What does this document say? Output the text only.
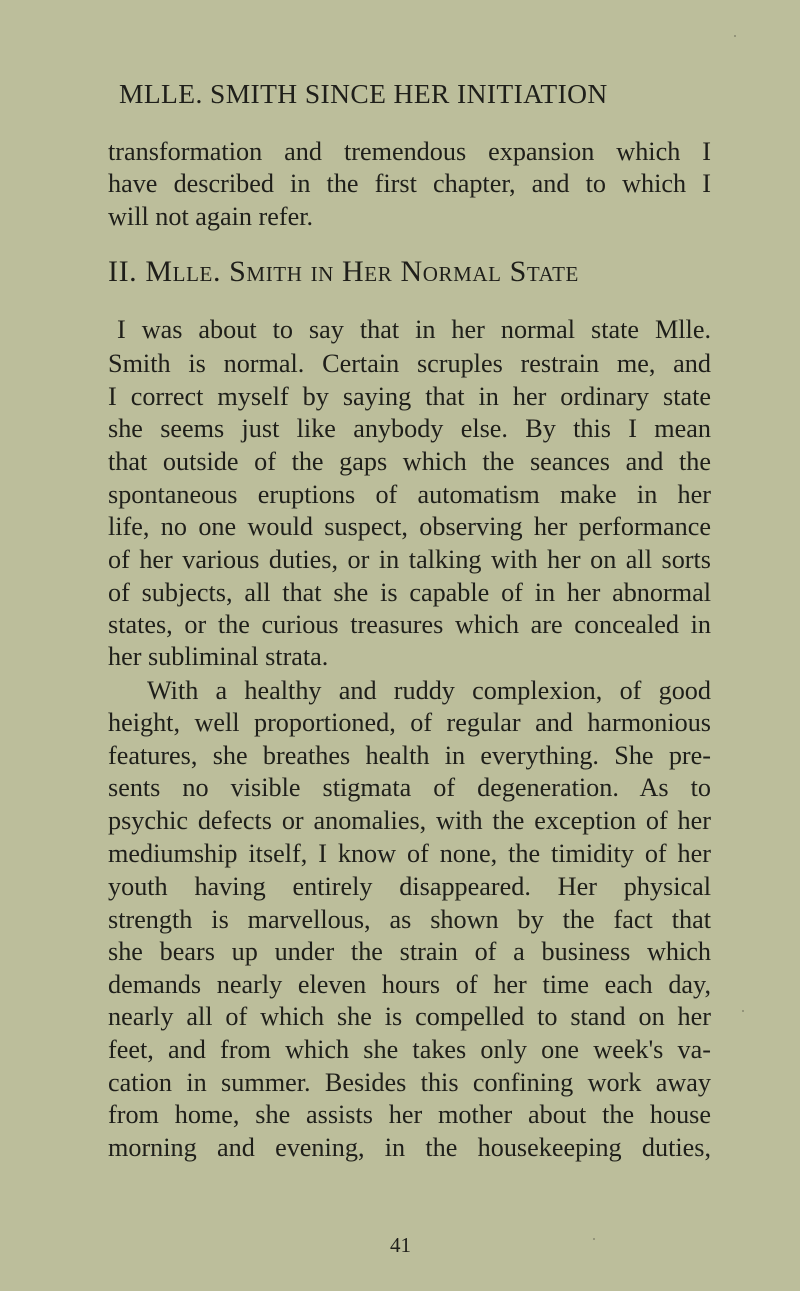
MLLE. SMITH SINCE HER INITIATION
transformation and tremendous expansion which I
have described in the first chapter, and to which I
will not again refer.
II. Mlle. Smith in Her Normal State
I was about to say that in her normal state Mlle.
Smith is normal. Certain scruples restrain me, and
I correct myself by saying that in her ordinary state
she seems just like anybody else. By this I mean
that outside of the gaps which the seances and the
spontaneous eruptions of automatism make in her
life, no one would suspect, observing her performance
of her various duties, or in talking with her on all sorts
of subjects, all that she is capable of in her abnormal
states, or the curious treasures which are concealed in
her subliminal strata.
With a healthy and ruddy complexion, of good
height, well proportioned, of regular and harmonious
features, she breathes health in everything. She pre-
sents no visible stigmata of degeneration. As to
psychic defects or anomalies, with the exception of her
mediumship itself, I know of none, the timidity of her
youth having entirely disappeared. Her physical
strength is marvellous, as shown by the fact that
she bears up under the strain of a business which
demands nearly eleven hours of her time each day,
nearly all of which she is compelled to stand on her
feet, and from which she takes only one week's va-
cation in summer. Besides this confining work away
from home, she assists her mother about the house
morning and evening, in the housekeeping duties,
41
